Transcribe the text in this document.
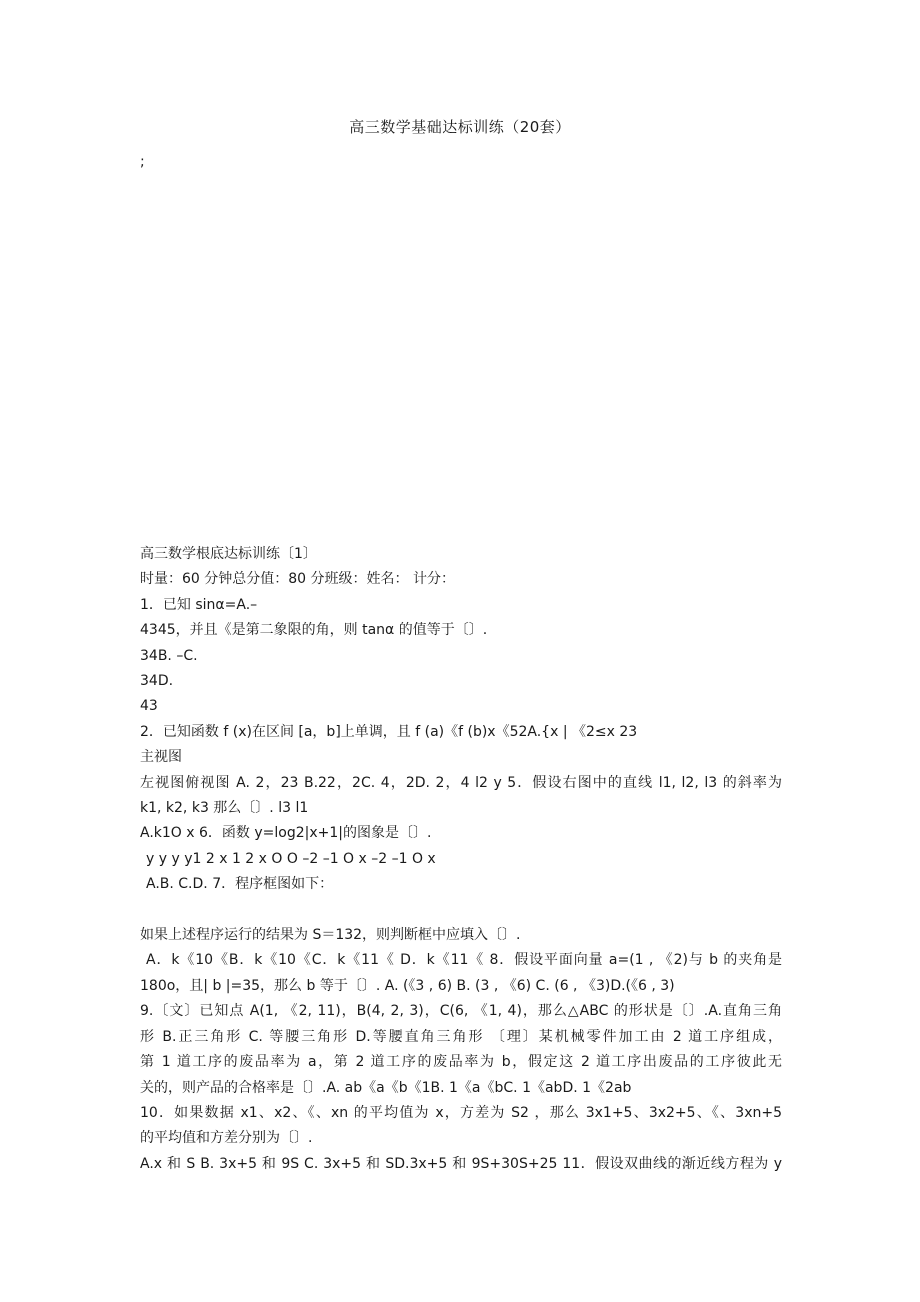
高三数学基础达标训练（20套）
;
高三数学根底达标训练〔1〕
时量：60 分钟总分值：80 分班级：姓名： 计分：
1．已知 sinα=A.–
4345，并且《是第二象限的角，则 tanα 的值等于〔〕.
34B. –C.
34D.
43
2．已知函数 f (x)在区间 [a，b]上单调，且 f (a)《f (b)x《52A.{x | 《2≤x 23
主视图
左视图俯视图 A. 2，23 B.22，2C. 4，2D. 2，4 l2 y 5．假设右图中的直线 l1, l2, l3 的斜率为
k1, k2, k3 那么〔〕. l3 l1
A.k1O x 6．函数 y=log2|x+1|的图象是〔〕.
y y y y1 2 x 1 2 x O O –2 –1 O x –2 –1 O x
A.B. C.D. 7．程序框图如下：
如果上述程序运行的结果为 S＝132，则判断框中应填入〔〕.
A．k《10《B．k《10《C．k《11《 D．k《11《 8．假设平面向量 a=(1 , 《2)与 b 的夹角是
180o，且| b |=35，那么 b 等于〔〕. A. (《3 , 6) B. (3 , 《6) C. (6 , 《3)D.(《6 , 3)
9.〔文〕已知点 A(1, 《2, 11)，B(4, 2, 3)，C(6, 《1, 4)，那么△ABC 的形状是〔〕.A.直角三角
形 B.正三角形 C. 等腰三角形 D.等腰直角三角形 〔理〕某机械零件加工由 2 道工序组成，
第 1 道工序的废品率为 a，第 2 道工序的废品率为 b，假定这 2 道工序出废品的工序彼此无
关的，则产品的合格率是〔〕.A. ab《a《b《1B. 1《a《bC. 1《abD. 1《2ab
10．如果数据 x1、x2、《、xn 的平均值为 x，方差为 S2 ，那么 3x1+5、3x2+5、《、3xn+5
的平均值和方差分别为〔〕.
A.x 和 S B. 3x+5 和 9S C. 3x+5 和 SD.3x+5 和 9S+30S+25 11．假设双曲线的渐近线方程为 y
